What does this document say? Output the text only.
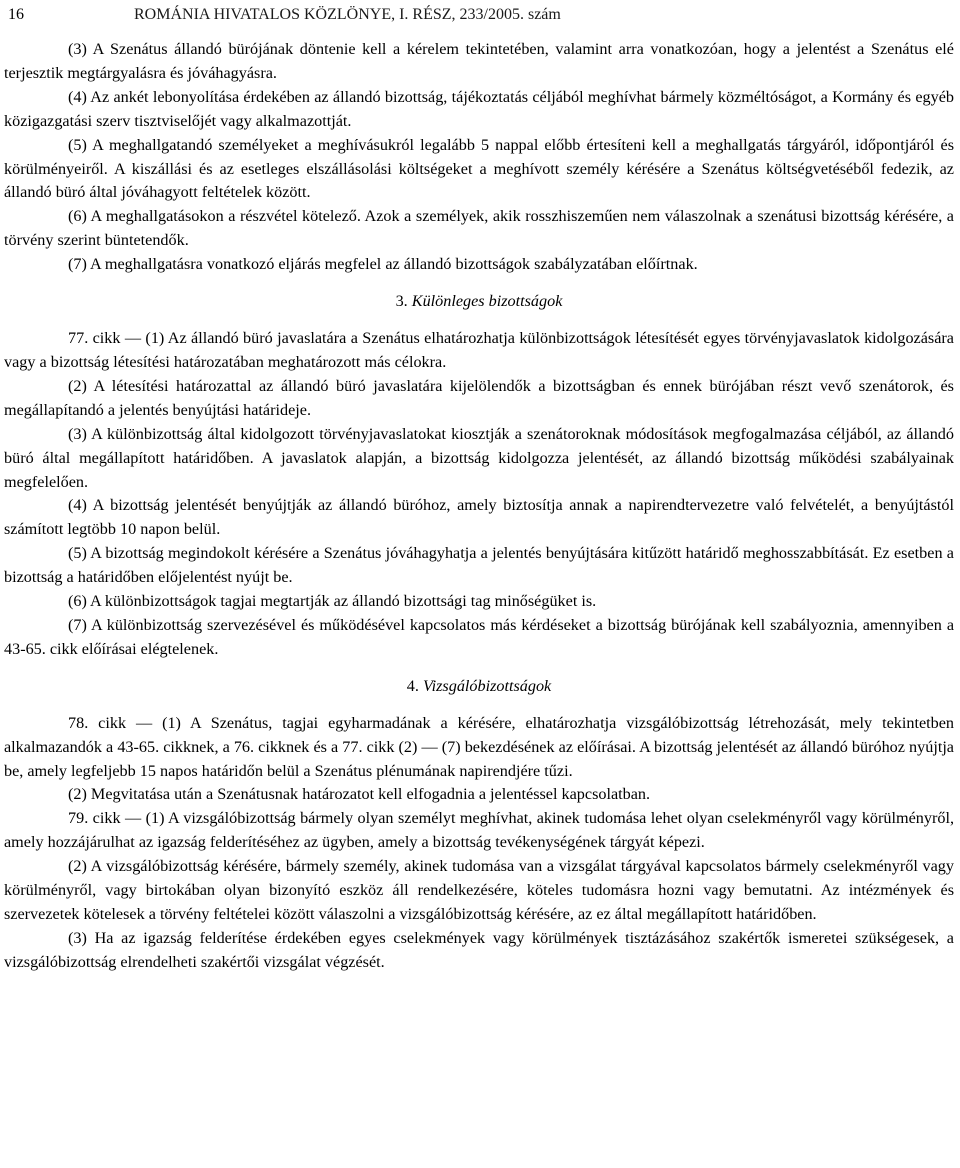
16	ROMÁNIA HIVATALOS KÖZLÖNYE, I. RÉSZ, 233/2005. szám

(3) A Szenátus állandó bürójának döntenie kell a kérelem tekintetében, valamint arra vonatkozóan, hogy a jelentést a Szenátus elé terjesztik megtárgyalásra és jóváhagyásra.

(4) Az ankét lebonyolítása érdekében az állandó bizottság, tájékoztatás céljából meghívhat bármely közméltóságot, a Kormány és egyéb közigazgatási szerv tisztviselőjét vagy alkalmazottját.

(5) A meghallgatandó személyeket a meghívásukról legalább 5 nappal előbb értesíteni kell a meghallgatás tárgyáról, időpontjáról és körülményeiről. A kiszállási és az esetleges elszállásolási költségeket a meghívott személy kérésére a Szenátus költségvetéséből fedezik, az állandó büró által jóváhagyott feltételek között.

(6) A meghallgatásokon a részvétel kötelező. Azok a személyek, akik rosszhiszeműen nem válaszolnak a szenátusi bizottság kérésére, a törvény szerint büntetendők.

(7) A meghallgatásra vonatkozó eljárás megfelel az állandó bizottságok szabályzatában előírtnak.

3. Különleges bizottságok

77. cikk — (1) Az állandó büró javaslatára a Szenátus elhatározhatja különbizottságok létesítését egyes törvényjavaslatok kidolgozására vagy a bizottság létesítési határozatában meghatározott más célokra.

(2) A létesítési határozattal az állandó büró javaslatára kijelölendők a bizottságban és ennek bürójában részt vevő szenátorok, és megállapítandó a jelentés benyújtási határideje.

(3) A különbizottság által kidolgozott törvényjavaslatokat kiosztják a szenátoroknak módosítások megfogalmazása céljából, az állandó büró által megállapított határidőben. A javaslatok alapján, a bizottság kidolgozza jelentését, az állandó bizottság működési szabályainak megfelelően.

(4) A bizottság jelentését benyújtják az állandó büróhoz, amely biztosítja annak a napirendtervezetre való felvételét, a benyújtástól számított legtöbb 10 napon belül.

(5) A bizottság megindokolt kérésére a Szenátus jóváhagyhatja a jelentés benyújtására kitűzött határidő meghosszabbítását. Ez esetben a bizottság a határidőben előjelentést nyújt be.

(6) A különbizottságok tagjai megtartják az állandó bizottsági tag minőségüket is.

(7) A különbizottság szervezésével és működésével kapcsolatos más kérdéseket a bizottság bürójának kell szabályoznia, amennyiben a 43-65. cikk előírásai elégtelenek.

4. Vizsgálóbizottságok

78. cikk — (1) A Szenátus, tagjai egyharmadának a kérésére, elhatározhatja vizsgálóbizottság létrehozását, mely tekintetben alkalmazandók a 43-65. cikknek, a 76. cikknek és a 77. cikk (2) — (7) bekezdésének az előírásai. A bizottság jelentését az állandó büróhoz nyújtja be, amely legfeljebb 15 napos határidőn belül a Szenátus plénumának napirendjére tűzi.

(2) Megvitatása után a Szenátusnak határozatot kell elfogadnia a jelentéssel kapcsolatban.

79. cikk — (1) A vizsgálóbizottság bármely olyan személyt meghívhat, akinek tudomása lehet olyan cselekményről vagy körülményről, amely hozzájárulhat az igazság felderítéséhez az ügyben, amely a bizottság tevékenységének tárgyát képezi.

(2) A vizsgálóbizottság kérésére, bármely személy, akinek tudomása van a vizsgálat tárgyával kapcsolatos bármely cselekményről vagy körülményről, vagy birtokában olyan bizonyító eszköz áll rendelkezésére, köteles tudomásra hozni vagy bemutatni. Az intézmények és szervezetek kötelesek a törvény feltételei között válaszolni a vizsgálóbizottság kérésére, az ez által megállapított határidőben.

(3) Ha az igazság felderítése érdekében egyes cselekmények vagy körülmények tisztázásához szakértők ismeretei szükségesek, a vizsgálóbizottság elrendelheti szakértői vizsgálat végzését.
